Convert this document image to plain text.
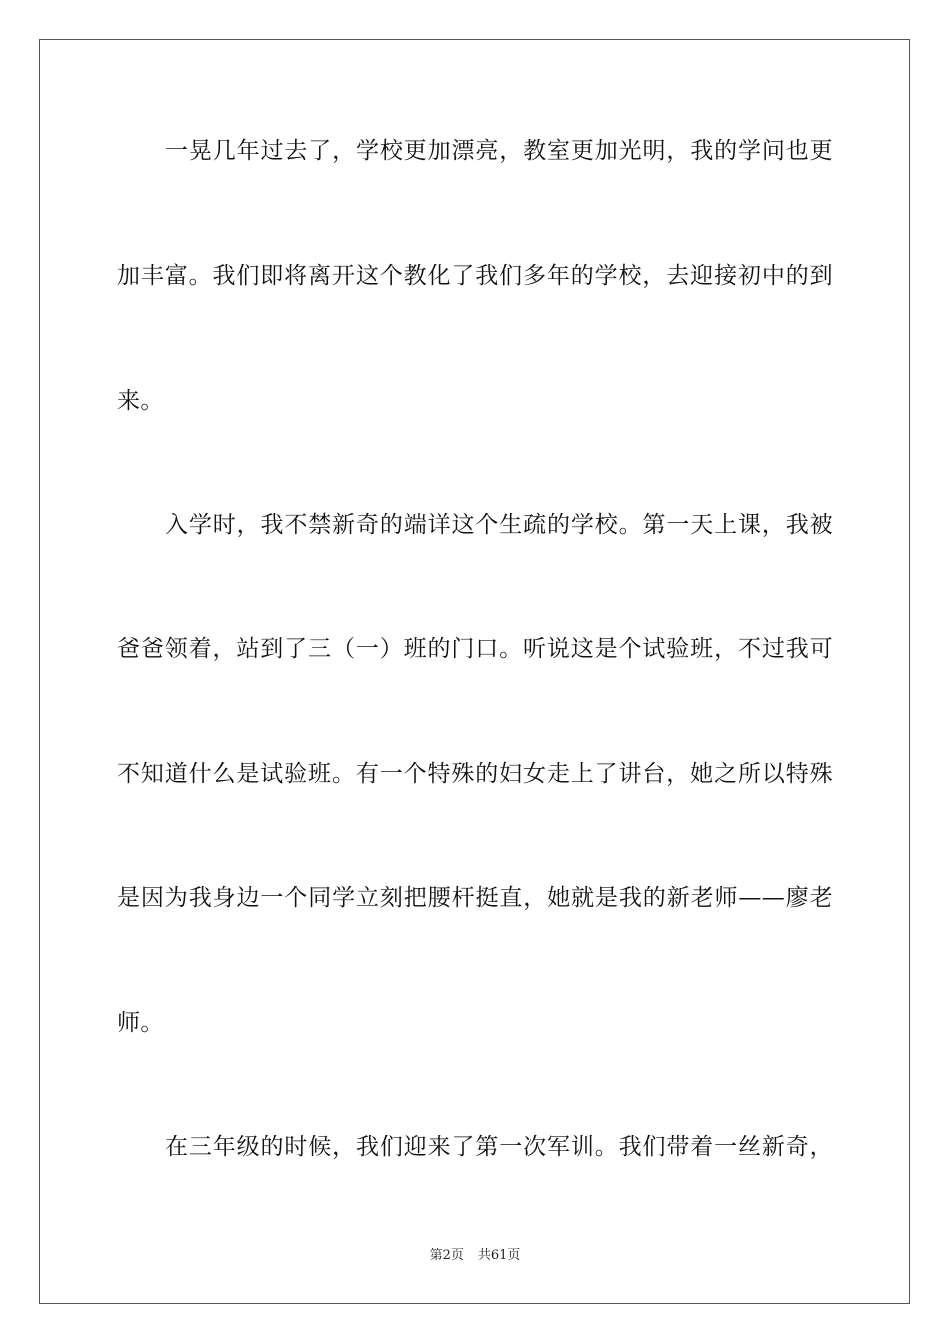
一晃几年过去了，学校更加漂亮，教室更加光明，我的学问也更
加丰富。我们即将离开这个教化了我们多年的学校，去迎接初中的到
来。
入学时，我不禁新奇的端详这个生疏的学校。第一天上课，我被
爸爸领着，站到了三（一）班的门口。听说这是个试验班，不过我可
不知道什么是试验班。有一个特殊的妇女走上了讲台，她之所以特殊
是因为我身边一个同学立刻把腰杆挺直，她就是我的新老师——廖老
师。
在三年级的时候，我们迎来了第一次军训。我们带着一丝新奇，
第2页 共61页
